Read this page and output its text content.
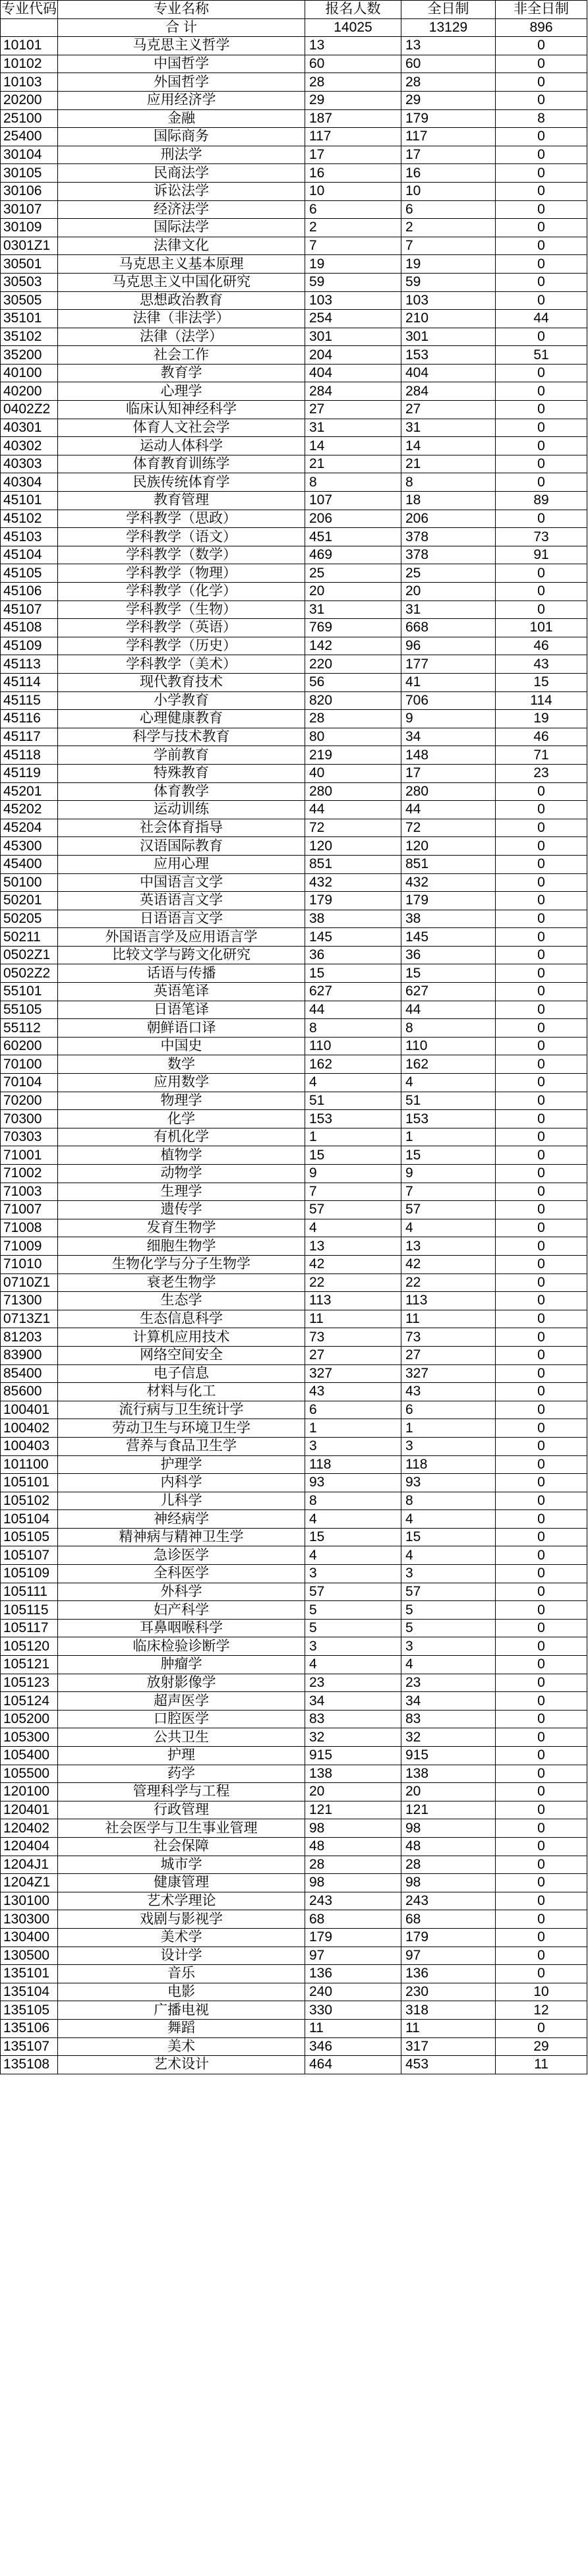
专业代码	专业名称	报名人数	全日制	非全日制
	合 计	14025	13129	896
10101	马克思主义哲学	13	13	0
10102	中国哲学	60	60	0
10103	外国哲学	28	28	0
20200	应用经济学	29	29	0
25100	金融	187	179	8
25400	国际商务	117	117	0
30104	刑法学	17	17	0
30105	民商法学	16	16	0
30106	诉讼法学	10	10	0
30107	经济法学	6	6	0
30109	国际法学	2	2	0
0301Z1	法律文化	7	7	0
30501	马克思主义基本原理	19	19	0
30503	马克思主义中国化研究	59	59	0
30505	思想政治教育	103	103	0
35101	法律（非法学）	254	210	44
35102	法律（法学）	301	301	0
35200	社会工作	204	153	51
40100	教育学	404	404	0
40200	心理学	284	284	0
0402Z2	临床认知神经科学	27	27	0
40301	体育人文社会学	31	31	0
40302	运动人体科学	14	14	0
40303	体育教育训练学	21	21	0
40304	民族传统体育学	8	8	0
45101	教育管理	107	18	89
45102	学科教学（思政）	206	206	0
45103	学科教学（语文）	451	378	73
45104	学科教学（数学）	469	378	91
45105	学科教学（物理）	25	25	0
45106	学科教学（化学）	20	20	0
45107	学科教学（生物）	31	31	0
45108	学科教学（英语）	769	668	101
45109	学科教学（历史）	142	96	46
45113	学科教学（美术）	220	177	43
45114	现代教育技术	56	41	15
45115	小学教育	820	706	114
45116	心理健康教育	28	9	19
45117	科学与技术教育	80	34	46
45118	学前教育	219	148	71
45119	特殊教育	40	17	23
45201	体育教学	280	280	0
45202	运动训练	44	44	0
45204	社会体育指导	72	72	0
45300	汉语国际教育	120	120	0
45400	应用心理	851	851	0
50100	中国语言文学	432	432	0
50201	英语语言文学	179	179	0
50205	日语语言文学	38	38	0
50211	外国语言学及应用语言学	145	145	0
0502Z1	比较文学与跨文化研究	36	36	0
0502Z2	话语与传播	15	15	0
55101	英语笔译	627	627	0
55105	日语笔译	44	44	0
55112	朝鲜语口译	8	8	0
60200	中国史	110	110	0
70100	数学	162	162	0
70104	应用数学	4	4	0
70200	物理学	51	51	0
70300	化学	153	153	0
70303	有机化学	1	1	0
71001	植物学	15	15	0
71002	动物学	9	9	0
71003	生理学	7	7	0
71007	遗传学	57	57	0
71008	发育生物学	4	4	0
71009	细胞生物学	13	13	0
71010	生物化学与分子生物学	42	42	0
0710Z1	衰老生物学	22	22	0
71300	生态学	113	113	0
0713Z1	生态信息科学	11	11	0
81203	计算机应用技术	73	73	0
83900	网络空间安全	27	27	0
85400	电子信息	327	327	0
85600	材料与化工	43	43	0
100401	流行病与卫生统计学	6	6	0
100402	劳动卫生与环境卫生学	1	1	0
100403	营养与食品卫生学	3	3	0
101100	护理学	118	118	0
105101	内科学	93	93	0
105102	儿科学	8	8	0
105104	神经病学	4	4	0
105105	精神病与精神卫生学	15	15	0
105107	急诊医学	4	4	0
105109	全科医学	3	3	0
105111	外科学	57	57	0
105115	妇产科学	5	5	0
105117	耳鼻咽喉科学	5	5	0
105120	临床检验诊断学	3	3	0
105121	肿瘤学	4	4	0
105123	放射影像学	23	23	0
105124	超声医学	34	34	0
105200	口腔医学	83	83	0
105300	公共卫生	32	32	0
105400	护理	915	915	0
105500	药学	138	138	0
120100	管理科学与工程	20	20	0
120401	行政管理	121	121	0
120402	社会医学与卫生事业管理	98	98	0
120404	社会保障	48	48	0
1204J1	城市学	28	28	0
1204Z1	健康管理	98	98	0
130100	艺术学理论	243	243	0
130300	戏剧与影视学	68	68	0
130400	美术学	179	179	0
130500	设计学	97	97	0
135101	音乐	136	136	0
135104	电影	240	230	10
135105	广播电视	330	318	12
135106	舞蹈	11	11	0
135107	美术	346	317	29
135108	艺术设计	464	453	11
